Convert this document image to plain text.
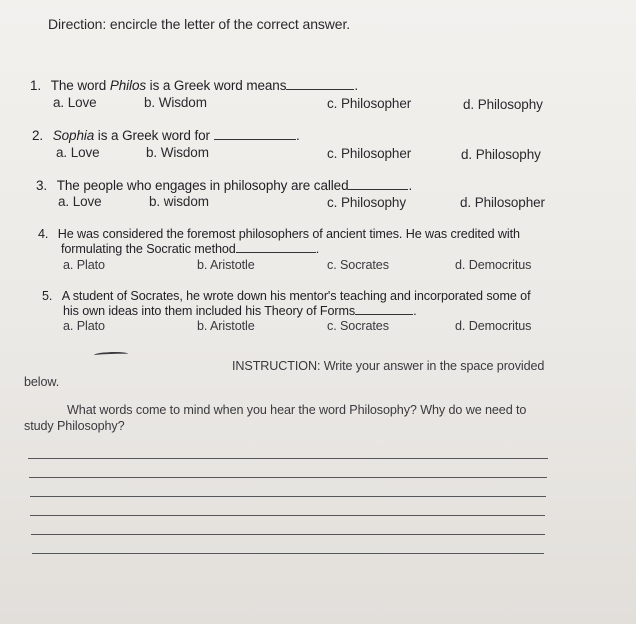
Direction: encircle the letter of the correct answer.
1. The word Philos is a Greek word means	.
a. Love	b. Wisdom	c. Philosopher	d. Philosophy
2. Sophia is a Greek word for	.
a. Love	b. Wisdom	c. Philosopher	d. Philosophy
3. The people who engages in philosophy are called	.
a. Love	b. wisdom	c. Philosophy	d. Philosopher
4. He was considered the foremost philosophers of ancient times. He was credited with
formulating the Socratic method	.
a. Plato	b. Aristotle	c. Socrates	d. Democritus
5. A student of Socrates, he wrote down his mentor's teaching and incorporated some of
his own ideas into them included his Theory of Forms	.
a. Plato	b. Aristotle	c. Socrates	d. Democritus
INSTRUCTION: Write your answer in the space provided
below.
What words come to mind when you hear the word Philosophy? Why do we need to
study Philosophy?
